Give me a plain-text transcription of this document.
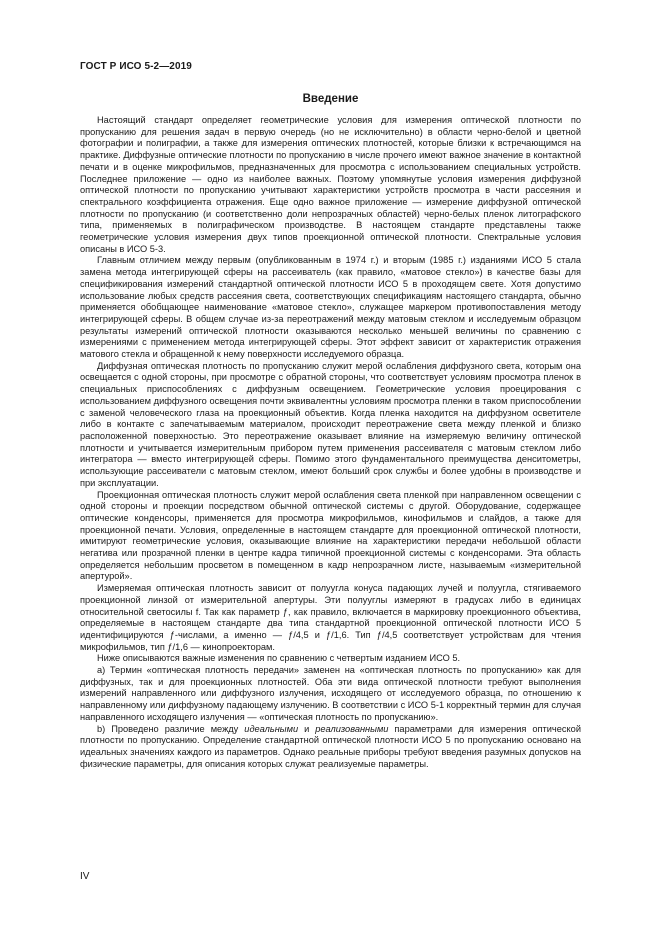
ГОСТ Р ИСО 5-2—2019
Введение

Настоящий стандарт определяет геометрические условия для измерения оптической плотности по пропусканию для решения задач в первую очередь (но не исключительно) в области черно-белой и цветной фотографии и полиграфии, а также для измерения оптических плотностей, которые близки к встречающимся на практике. Диффузные оптические плотности по пропусканию в числе прочего имеют важное значение в контактной печати и в оценке микрофильмов, предназначенных для просмотра с использованием специальных устройств. Последнее приложение — одно из наиболее важных. Поэтому упомянутые условия измерения диффузной оптической плотности по пропусканию учитывают характеристики устройств просмотра в части рассеяния и спектрального коэффициента отражения. Еще одно важное приложение — измерение диффузной оптической плотности по пропусканию (и соответственно доли непрозрачных областей) черно-белых пленок литографского типа, применяемых в полиграфическом производстве. В настоящем стандарте представлены также геометрические условия измерения двух типов проекционной оптической плотности. Спектральные условия описаны в ИСО 5-3.

Главным отличием между первым (опубликованным в 1974 г.) и вторым (1985 г.) изданиями ИСО 5 стала замена метода интегрирующей сферы на рассеиватель (как правило, «матовое стекло») в качестве базы для спецификирования измерений стандартной оптической плотности ИСО 5 в проходящем свете. Хотя допустимо использование любых средств рассеяния света, соответствующих спецификациям настоящего стандарта, обычно применяется обобщающее наименование «матовое стекло», служащее маркером противопоставления методу интегрирующей сферы. В общем случае из-за переотражений между матовым стеклом и исследуемым образцом результаты измерений оптической плотности оказываются несколько меньшей величины по сравнению с измерениями с применением метода интегрирующей сферы. Этот эффект зависит от характеристик отражения матового стекла и обращенной к нему поверхности исследуемого образца.

Диффузная оптическая плотность по пропусканию служит мерой ослабления диффузного света, которым она освещается с одной стороны, при просмотре с обратной стороны, что соответствует условиям просмотра пленок в специальных приспособлениях с диффузным освещением. Геометрические условия проецирования с использованием диффузного освещения почти эквивалентны условиям просмотра пленки в таком приспособлении с заменой человеческого глаза на проекционный объектив. Когда пленка находится на диффузном осветителе либо в контакте с запечатываемым материалом, происходит переотражение света между пленкой и близко расположенной поверхностью. Это переотражение оказывает влияние на измеряемую величину оптической плотности и учитывается измерительным прибором путем применения рассеивателя с матовым стеклом либо интегратора — вместо интегрирующей сферы. Помимо этого фундаментального преимущества денситометры, использующие рассеиватели с матовым стеклом, имеют больший срок службы и более удобны в производстве и при эксплуатации.

Проекционная оптическая плотность служит мерой ослабления света пленкой при направленном освещении с одной стороны и проекции посредством обычной оптической системы с другой. Оборудование, содержащее оптические конденсоры, применяется для просмотра микрофильмов, кинофильмов и слайдов, а также для проекционной печати. Условия, определенные в настоящем стандарте для проекционной оптической плотности, имитируют геометрические условия, оказывающие влияние на характеристики передачи небольшой области негатива или прозрачной пленки в центре кадра типичной проекционной системы с конденсорами. Эта область определяется небольшим просветом в помещенном в кадр непрозрачном листе, называемым «измерительной апертурой».

Измеряемая оптическая плотность зависит от полуугла конуса падающих лучей и полуугла, стягиваемого проекционной линзой от измерительной апертуры. Эти полууглы измеряют в градусах либо в единицах относительной светосилы f. Так как параметр ƒ, как правило, включается в маркировку проекционного объектива, определяемые в настоящем стандарте два типа стандартной проекционной оптической плотности ИСО 5 идентифицируются ƒ-числами, а именно — ƒ/4,5 и ƒ/1,6. Тип ƒ/4,5 соответствует устройствам для чтения микрофильмов, тип ƒ/1,6 — кинопроекторам.

Ниже описываются важные изменения по сравнению с четвертым изданием ИСО 5.

a) Термин «оптическая плотность передачи» заменен на «оптическая плотность по пропусканию» как для диффузных, так и для проекционных плотностей. Оба эти вида оптической плотности требуют выполнения измерений направленного или диффузного излучения, исходящего от исследуемого образца, по отношению к направленному или диффузному падающему излучению. В соответствии с ИСО 5-1 корректный термин для случая направленного исходящего излучения — «оптическая плотность по пропусканию».

b) Проведено различие между идеальными и реализованными параметрами для измерения оптической плотности по пропусканию. Определение стандартной оптической плотности ИСО 5 по пропусканию основано на идеальных значениях каждого из параметров. Однако реальные приборы требуют введения разумных допусков на физические параметры, для описания которых служат реализуемые параметры.

IV
